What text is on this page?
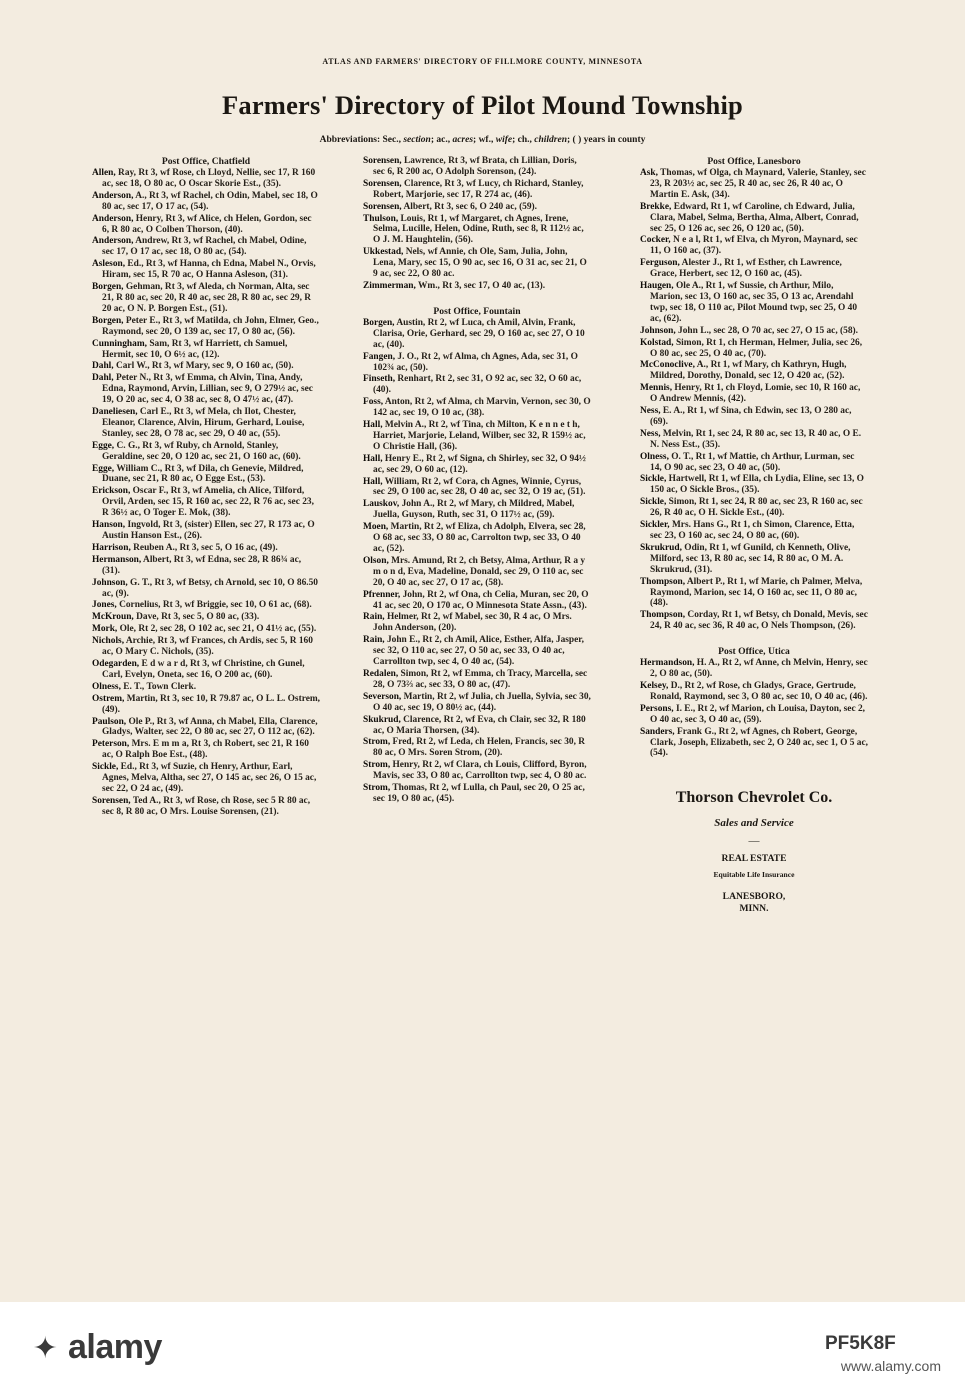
ATLAS AND FARMERS' DIRECTORY OF FILLMORE COUNTY, MINNESOTA
Farmers' Directory of Pilot Mound Township
Abbreviations: Sec., section; ac., acres; wf., wife; ch., children; ( ) years in county
Post Office, Chatfield
Allen, Ray, Rt 3, wf Rose, ch Lloyd, Nellie, sec 17, R 160 ac, sec 18, O 80 ac, O Oscar Skorie Est., (35).
Anderson, A., Rt 3, wf Rachel, ch Odin, Mabel, sec 18, O 80 ac, sec 17, O 17 ac, (54).
Anderson, Henry, Rt 3, wf Alice, ch Helen, Gordon, sec 6, R 80 ac, O Colben Thorson, (40).
Anderson, Andrew, Rt 3, wf Rachel, ch Mabel, Odine, sec 17, O 17 ac, sec 18, O 80 ac, (54).
Asleson, Ed., Rt 3, wf Hanna, ch Edna, Mabel N., Orvis, Hiram, sec 15, R 70 ac, O Hanna Asleson, (31).
Borgen, Gehman, Rt 3, wf Aleda, ch Norman, Alta, sec 21, R 80 ac, sec 20, R 40 ac, sec 28, R 80 ac, sec 29, R 20 ac, O N. P. Borgen Est., (51).
Borgen, Peter E., Rt 3, wf Matilda, ch John, Elmer, Geo., Raymond, sec 20, O 139 ac, sec 17, O 80 ac, (56).
Cunningham, Sam, Rt 3, wf Harriett, ch Samuel, Hermit, sec 10, O 6½ ac, (12).
Dahl, Carl W., Rt 3, wf Mary, sec 9, O 160 ac, (50).
Dahl, Peter N., Rt 3, wf Emma, ch Alvin, Tina, Andy, Edna, Raymond, Arvin, Lillian, sec 9, O 279½ ac, sec 19, O 20 ac, sec 4, O 38 ac, sec 8, O 47½ ac, (47).
Daneliesen, Carl E., Rt 3, wf Mela, ch Ilot, Chester, Eleanor, Clarence, Alvin, Hirum, Gerhard, Louise, Stanley, sec 28, O 78 ac, sec 29, O 40 ac, (55).
Egge, C. G., Rt 3, wf Ruby, ch Arnold, Stanley, Geraldine, sec 20, O 120 ac, sec 21, O 160 ac, (60).
Egge, William C., Rt 3, wf Dila, ch Genevie, Mildred, Duane, sec 21, R 80 ac, O Egge Est., (53).
Erickson, Oscar F., Rt 3, wf Amelia, ch Alice, Tilford, Orvil, Arden, sec 15, R 160 ac, sec 22, R 76 ac, sec 23, R 36½ ac, O Toger E. Mok, (38).
Hanson, Ingvold, Rt 3, (sister) Ellen, sec 27, R 173 ac, O Austin Hanson Est., (26).
Harrison, Reuben A., Rt 3, sec 5, O 16 ac, (49).
Hermanson, Albert, Rt 3, wf Edna, sec 28, R 86¾ ac, (31).
Johnson, G. T., Rt 3, wf Betsy, ch Arnold, sec 10, O 86.50 ac, (9).
Jones, Cornelius, Rt 3, wf Briggie, sec 10, O 61 ac, (68).
McKroun, Dave, Rt 3, sec 5, O 80 ac, (33).
Mork, Ole, Rt 2, sec 28, O 102 ac, sec 21, O 41½ ac, (55).
Nichols, Archie, Rt 3, wf Frances, ch Ardis, sec 5, R 160 ac, O Mary C. Nichols, (35).
Odegarden, E d w a r d, Rt 3, wf Christine, ch Gunel, Carl, Evelyn, Oneta, sec 16, O 200 ac, (60).
Olness, E. T., Town Clerk.
Ostrem, Martin, Rt 3, sec 10, R 79.87 ac, O L. L. Ostrem, (49).
Paulson, Ole P., Rt 3, wf Anna, ch Mabel, Ella, Clarence, Gladys, Walter, sec 22, O 80 ac, sec 27, O 112 ac, (62).
Peterson, Mrs. E m m a, Rt 3, ch Robert, sec 21, R 160 ac, O Ralph Boe Est., (48).
Sickle, Ed., Rt 3, wf Suzie, ch Henry, Arthur, Earl, Agnes, Melva, Altha, sec 27, O 145 ac, sec 26, O 15 ac, sec 22, O 24 ac, (49).
Sorensen, Ted A., Rt 3, wf Rose, ch Rose, sec 5 R 80 ac, sec 8, R 80 ac, O Mrs. Louise Sorensen, (21).
Sorensen, Lawrence, Rt 3, wf Brata, ch Lillian, Doris, sec 6, R 200 ac, O Adolph Sorenson, (24).
Sorensen, Clarence, Rt 3, wf Lucy, ch Richard, Stanley, Robert, Marjorie, sec 17, R 274 ac, (46).
Sorensen, Albert, Rt 3, sec 6, O 240 ac, (59).
Thulson, Louis, Rt 1, wf Margaret, ch Agnes, Irene, Selma, Lucille, Helen, Odine, Ruth, sec 8, R 112½ ac, O J. M. Haughtelin, (56).
Ukkestad, Nels, wf Annie, ch Ole, Sam, Julia, John, Lena, Mary, sec 15, O 90 ac, sec 16, O 31 ac, sec 21, O 9 ac, sec 22, O 80 ac.
Zimmerman, Wm., Rt 3, sec 17, O 40 ac, (13).
Post Office, Fountain
Borgen, Austin, Rt 2, wf Luca, ch Amil, Alvin, Frank, Clarisa, Orie, Gerhard, sec 29, O 160 ac, sec 27, O 10 ac, (40).
Fangen, J. O., Rt 2, wf Alma, ch Agnes, Ada, sec 31, O 102¾ ac, (50).
Finseth, Renhart, Rt 2, sec 31, O 92 ac, sec 32, O 60 ac, (40).
Foss, Anton, Rt 2, wf Alma, ch Marvin, Vernon, sec 30, O 142 ac, sec 19, O 10 ac, (38).
Hall, Melvin A., Rt 2, wf Tina, ch Milton, K e n n e t h, Harriet, Marjorie, Leland, Wilber, sec 32, R 159½ ac, O Christie Hall, (36).
Hall, Henry E., Rt 2, wf Signa, ch Shirley, sec 32, O 94½ ac, sec 29, O 60 ac, (12).
Hall, William, Rt 2, wf Cora, ch Agnes, Winnie, Cyrus, sec 29, O 100 ac, sec 28, O 40 ac, sec 32, O 19 ac, (51).
Lauskov, John A., Rt 2, wf Mary, ch Mildred, Mabel, Juella, Guyson, Ruth, sec 31, O 117½ ac, (59).
Moen, Martin, Rt 2, wf Eliza, ch Adolph, Elvera, sec 28, O 68 ac, sec 33, O 80 ac, Carrolton twp, sec 33, O 40 ac, (52).
Olson, Mrs. Amund, Rt 2, ch Betsy, Alma, Arthur, R a y m o n d, Eva, Madeline, Donald, sec 29, O 110 ac, sec 20, O 40 ac, sec 27, O 17 ac, (58).
Pfrenner, John, Rt 2, wf Ona, ch Celia, Muran, sec 20, O 41 ac, sec 20, O 170 ac, O Minnesota State Assn., (43).
Rain, Helmer, Rt 2, wf Mabel, sec 30, R 4 ac, O Mrs. John Anderson, (20).
Rain, John E., Rt 2, ch Amil, Alice, Esther, Alfa, Jasper, sec 32, O 110 ac, sec 27, O 50 ac, sec 33, O 40 ac, Carrollton twp, sec 4, O 40 ac, (54).
Redalen, Simon, Rt 2, wf Emma, ch Tracy, Marcella, sec 28, O 73⅔ ac, sec 33, O 80 ac, (47).
Severson, Martin, Rt 2, wf Julia, ch Juella, Sylvia, sec 30, O 40 ac, sec 19, O 80½ ac, (44).
Skukrud, Clarence, Rt 2, wf Eva, ch Clair, sec 32, R 180 ac, O Maria Thorsen, (34).
Strom, Fred, Rt 2, wf Leda, ch Helen, Francis, sec 30, R 80 ac, O Mrs. Soren Strom, (20).
Strom, Henry, Rt 2, wf Clara, ch Louis, Clifford, Byron, Mavis, sec 33, O 80 ac, Carrollton twp, sec 4, O 80 ac.
Strom, Thomas, Rt 2, wf Lulla, ch Paul, sec 20, O 25 ac, sec 19, O 80 ac, (45).
Post Office, Lanesboro
Ask, Thomas, wf Olga, ch Maynard, Valerie, Stanley, sec 23, R 203½ ac, sec 25, R 40 ac, sec 26, R 40 ac, O Martin E. Ask, (34).
Brekke, Edward, Rt 1, wf Caroline, ch Edward, Julia, Clara, Mabel, Selma, Bertha, Alma, Albert, Conrad, sec 25, O 126 ac, sec 26, O 120 ac, (50).
Cocker, N e a l, Rt 1, wf Elva, ch Myron, Maynard, sec 11, O 160 ac, (37).
Ferguson, Alester J., Rt 1, wf Esther, ch Lawrence, Grace, Herbert, sec 12, O 160 ac, (45).
Haugen, Ole A., Rt 1, wf Sussie, ch Arthur, Milo, Marion, sec 13, O 160 ac, sec 35, O 13 ac, Arendahl twp, sec 18, O 110 ac, Pilot Mound twp, sec 25, O 40 ac, (62).
Johnson, John L., sec 28, O 70 ac, sec 27, O 15 ac, (58).
Kolstad, Simon, Rt 1, ch Herman, Helmer, Julia, sec 26, O 80 ac, sec 25, O 40 ac, (70).
McConoclive, A., Rt 1, wf Mary, ch Kathryn, Hugh, Mildred, Dorothy, Donald, sec 12, O 420 ac, (52).
Mennis, Henry, Rt 1, ch Floyd, Lomie, sec 10, R 160 ac, O Andrew Mennis, (42).
Ness, E. A., Rt 1, wf Sina, ch Edwin, sec 13, O 280 ac, (69).
Ness, Melvin, Rt 1, sec 24, R 80 ac, sec 13, R 40 ac, O E. N. Ness Est., (35).
Olness, O. T., Rt 1, wf Mattie, ch Arthur, Lurman, sec 14, O 90 ac, sec 23, O 40 ac, (50).
Sickle, Hartwell, Rt 1, wf Ella, ch Lydia, Eline, sec 13, O 150 ac, O Sickle Bros., (35).
Sickle, Simon, Rt 1, sec 24, R 80 ac, sec 23, R 160 ac, sec 26, R 40 ac, O H. Sickle Est., (40).
Sickler, Mrs. Hans G., Rt 1, ch Simon, Clarence, Etta, sec 23, O 160 ac, sec 24, O 80 ac, (60).
Skrukrud, Odin, Rt 1, wf Gunild, ch Kenneth, Olive, Milford, sec 13, R 80 ac, sec 14, R 80 ac, O M. A. Skrukrud, (31).
Thompson, Albert P., Rt 1, wf Marie, ch Palmer, Melva, Raymond, Marion, sec 14, O 160 ac, sec 11, O 80 ac, (48).
Thompson, Corday, Rt 1, wf Betsy, ch Donald, Mevis, sec 24, R 40 ac, sec 36, R 40 ac, O Nels Thompson, (26).
Post Office, Utica
Hermandson, H. A., Rt 2, wf Anne, ch Melvin, Henry, sec 2, O 80 ac, (50).
Kelsey, D., Rt 2, wf Rose, ch Gladys, Grace, Gertrude, Ronald, Raymond, sec 3, O 80 ac, sec 10, O 40 ac, (46).
Persons, I. E., Rt 2, wf Marion, ch Louisa, Dayton, sec 2, O 40 ac, sec 3, O 40 ac, (59).
Sanders, Frank G., Rt 2, wf Agnes, ch Robert, George, Clark, Joseph, Elizabeth, sec 2, O 240 ac, sec 1, O 5 ac, (54).
Thorson Chevrolet Co.
Sales and Service
—
REAL ESTATE
Equitable Life Insurance
LANESBORO,
MINN.
✦ alamy	PF5K8F
www.alamy.com
